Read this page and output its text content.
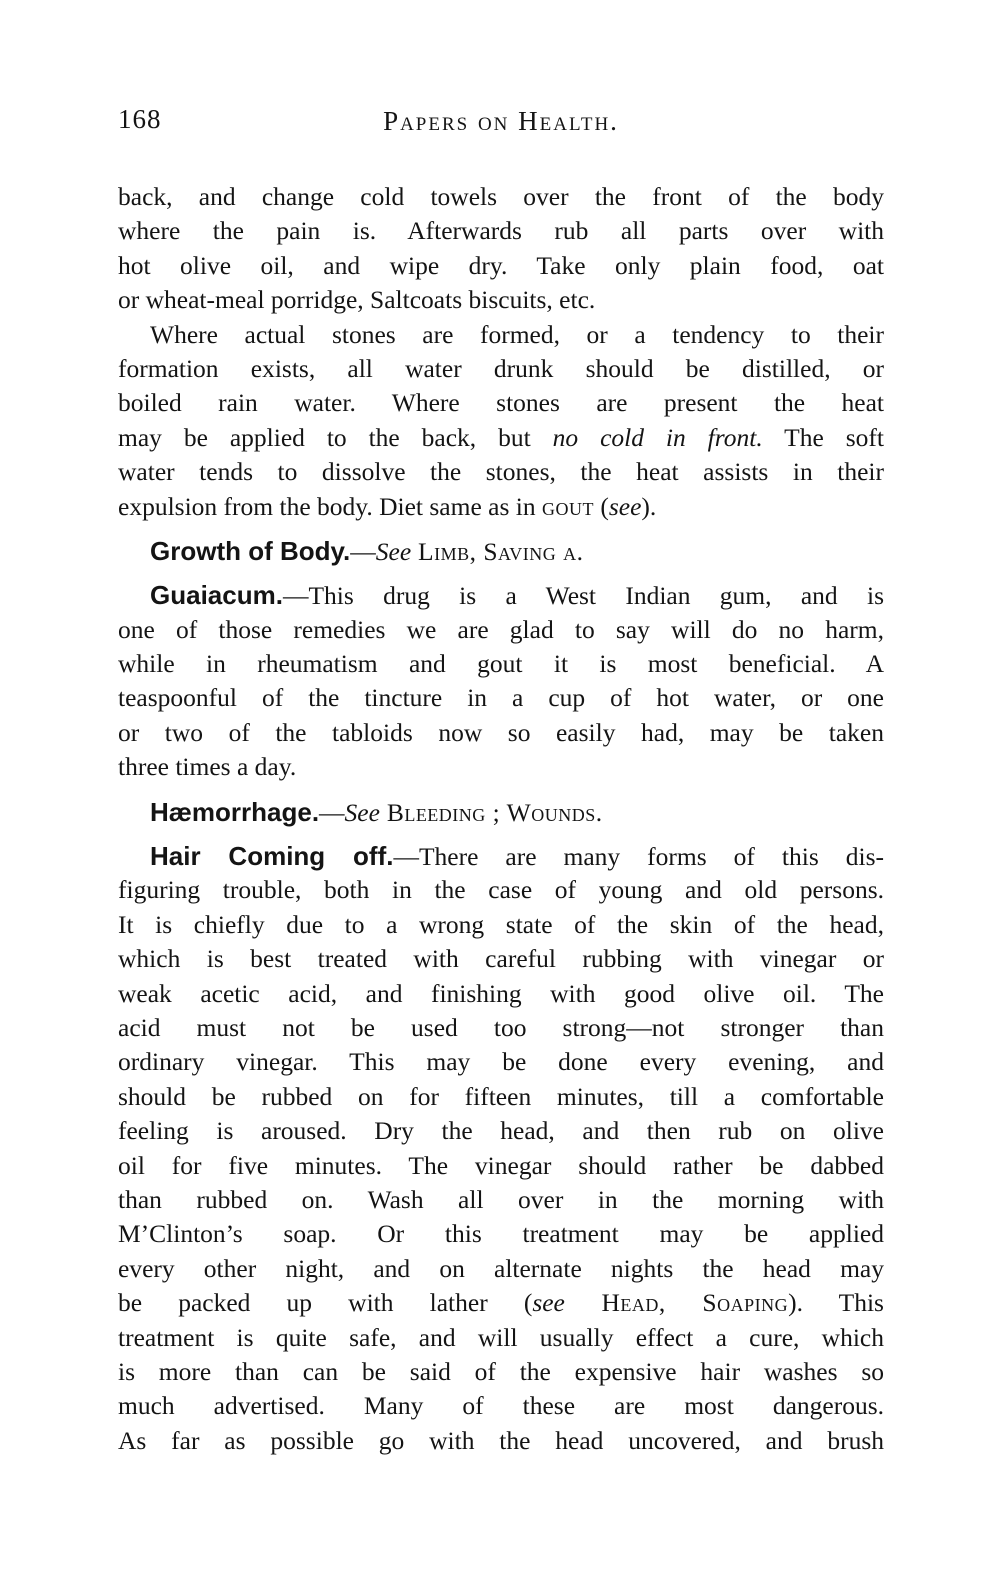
168	Papers on Health.
back, and change cold towels over the front of the body
where the pain is. Afterwards rub all parts over with
hot olive oil, and wipe dry. Take only plain food, oat
or wheat-meal porridge, Saltcoats biscuits, etc.
Where actual stones are formed, or a tendency to their
formation exists, all water drunk should be distilled, or
boiled rain water. Where stones are present the heat
may be applied to the back, but no cold in front. The soft
water tends to dissolve the stones, the heat assists in their
expulsion from the body. Diet same as in gout (see).
Growth of Body.—See Limb, Saving a.
Guaiacum.—This drug is a West Indian gum, and is
one of those remedies we are glad to say will do no harm,
while in rheumatism and gout it is most beneficial. A
teaspoonful of the tincture in a cup of hot water, or one
or two of the tabloids now so easily had, may be taken
three times a day.
Hæmorrhage.—See Bleeding ; Wounds.
Hair Coming off.—There are many forms of this dis-
figuring trouble, both in the case of young and old persons.
It is chiefly due to a wrong state of the skin of the head,
which is best treated with careful rubbing with vinegar or
weak acetic acid, and finishing with good olive oil. The
acid must not be used too strong—not stronger than
ordinary vinegar. This may be done every evening, and
should be rubbed on for fifteen minutes, till a comfortable
feeling is aroused. Dry the head, and then rub on olive
oil for five minutes. The vinegar should rather be dabbed
than rubbed on. Wash all over in the morning with
M’Clinton’s soap. Or this treatment may be applied
every other night, and on alternate nights the head may
be packed up with lather (see Head, Soaping). This
treatment is quite safe, and will usually effect a cure, which
is more than can be said of the expensive hair washes so
much advertised. Many of these are most dangerous.
As far as possible go with the head uncovered, and brush
